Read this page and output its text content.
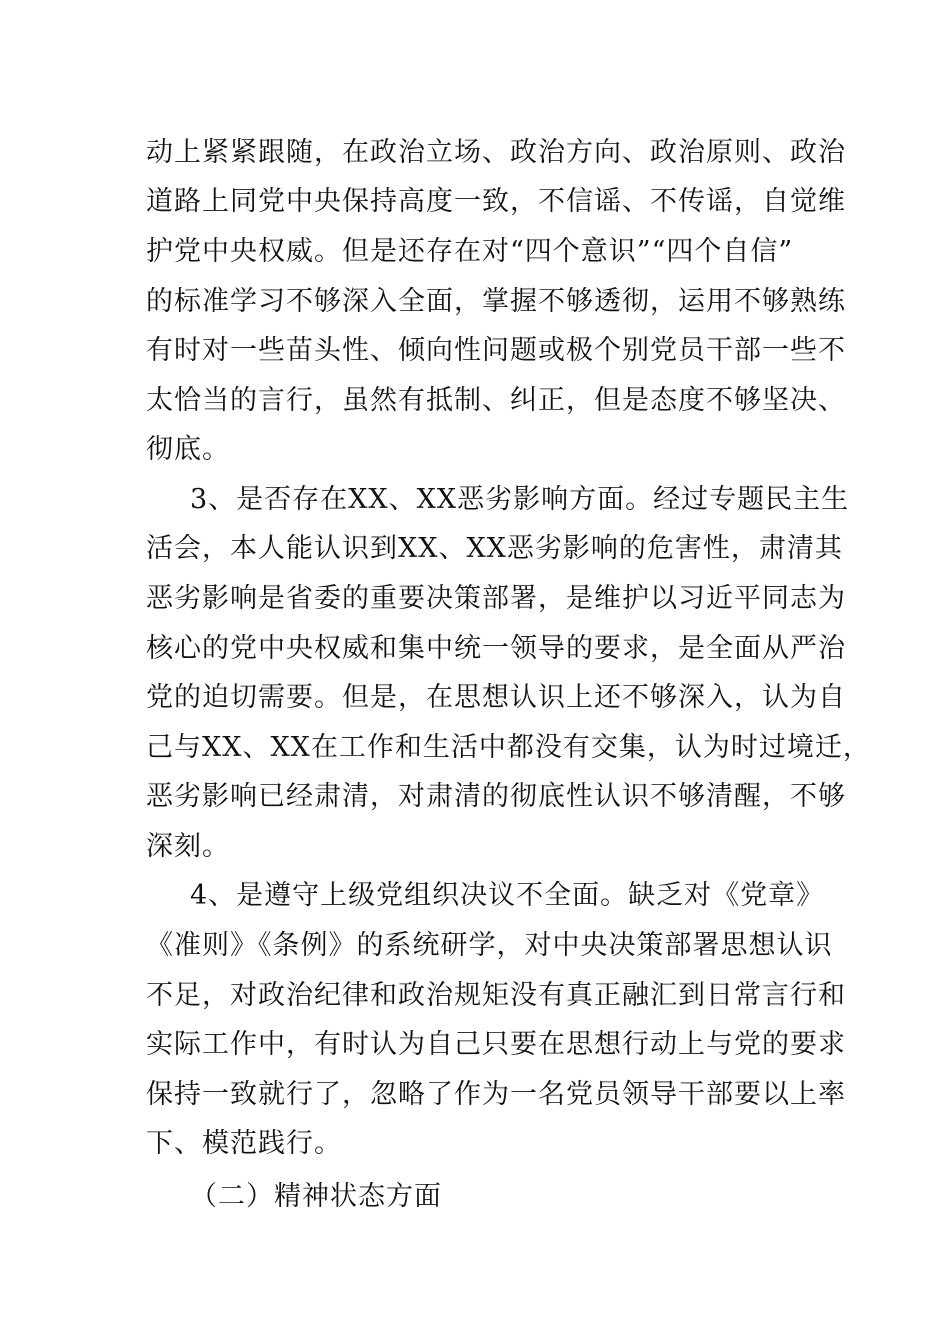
动上紧紧跟随，在政治立场、政治方向、政治原则、政治
道路上同党中央保持高度一致，不信谣、不传谣，自觉维
护党中央权威。但是还存在对“四个意识”“四个自信”
的标准学习不够深入全面，掌握不够透彻，运用不够熟练
有时对一些苗头性、倾向性问题或极个别党员干部一些不
太恰当的言行，虽然有抵制、纠正，但是态度不够坚决、
彻底。
3、是否存在XX、XX恶劣影响方面。经过专题民主生
活会，本人能认识到XX、XX恶劣影响的危害性，肃清其
恶劣影响是省委的重要决策部署，是维护以习近平同志为
核心的党中央权威和集中统一领导的要求，是全面从严治
党的迫切需要。但是，在思想认识上还不够深入，认为自
己与XX、XX在工作和生活中都没有交集，认为时过境迁，
恶劣影响已经肃清，对肃清的彻底性认识不够清醒，不够
深刻。
4、是遵守上级党组织决议不全面。缺乏对《党章》
《准则》《条例》的系统研学，对中央决策部署思想认识
不足，对政治纪律和政治规矩没有真正融汇到日常言行和
实际工作中，有时认为自己只要在思想行动上与党的要求
保持一致就行了，忽略了作为一名党员领导干部要以上率
下、模范践行。
（二）精神状态方面
